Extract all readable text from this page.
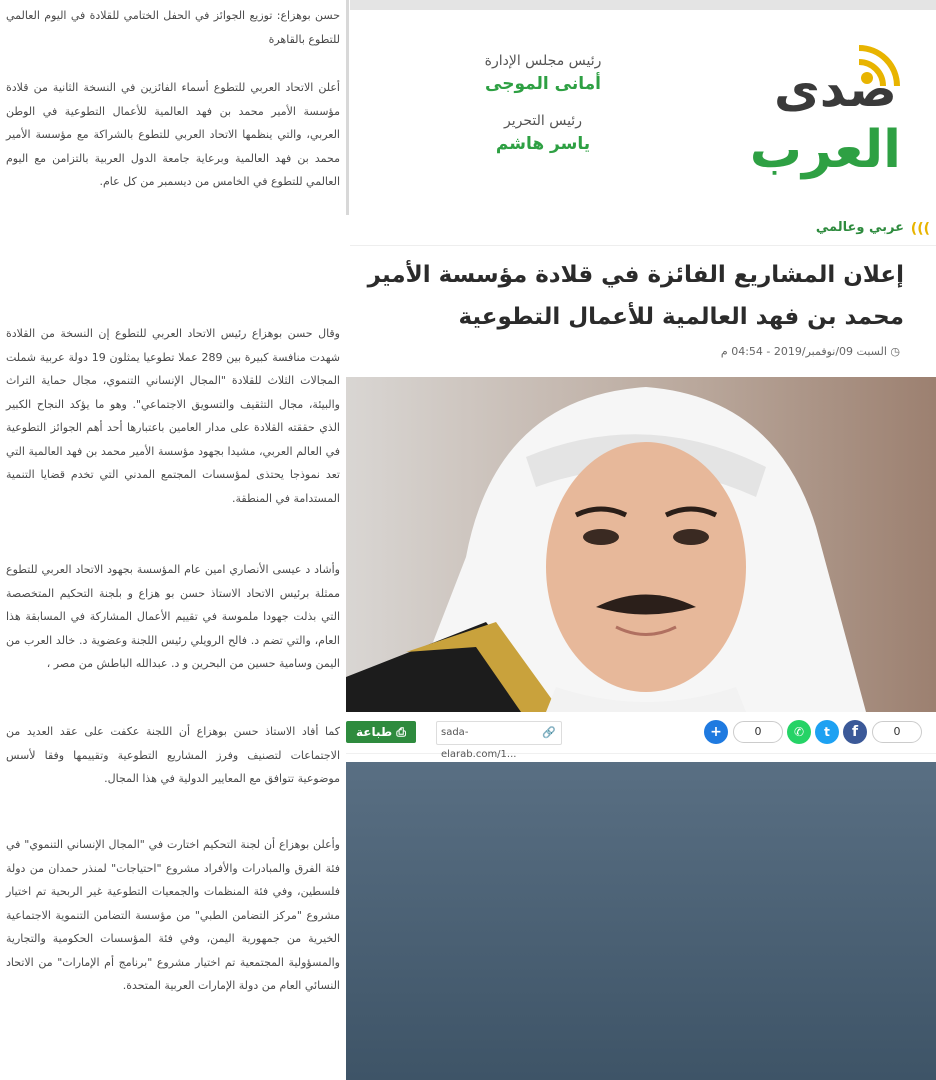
حسن بوهزاع: توزيع الجوائز في الحفل الختامي للقلادة في اليوم العالمي للتطوع بالقاهرة

أعلن الاتحاد العربي للتطوع أسماء الفائزين في النسخة الثانية من قلادة مؤسسة الأمير محمد بن فهد العالمية للأعمال التطوعية في الوطن العربي، والتي ينظمها الاتحاد العربي للتطوع بالشراكة مع مؤسسة الأمير محمد بن فهد العالمية وبرعاية جامعة الدول العربية بالتزامن مع اليوم العالمي للتطوع في الخامس من ديسمبر من كل عام.

وقال حسن بوهزاع رئيس الاتحاد العربي للتطوع إن النسخة من القلادة شهدت منافسة كبيرة بين 289 عملا تطوعيا يمثلون 19 دولة عربية شملت المجالات الثلاث للقلادة "المجال الإنساني التنموي، مجال حماية التراث والبيئة، مجال التثقيف والتسويق الاجتماعي". وهو ما يؤكد النجاح الكبير الذي حققته القلادة على مدار العامين باعتبارها أحد أهم الجوائز التطوعية في العالم العربي، مشيدا بجهود مؤسسة الأمير محمد بن فهد العالمية التي تعد نموذجا يحتذى لمؤسسات المجتمع المدني التي تخدم قضايا التنمية المستدامة في المنطقة.

وأشاد د عيسى الأنصاري امين عام المؤسسة بجهود الاتحاد العربي للتطوع ممثلة برئيس الاتحاد الاستاذ حسن بو هزاع و بلجنة التحكيم المتخصصة التي بذلت جهودا ملموسة في تقييم الأعمال المشاركة في المسابقة هذا العام، والتي تضم د. فالح الرويلي رئيس اللجنة وعضوية د. خالد العرب من اليمن وسامية حسين من البحرين و د. عبدالله الباطش من مصر ،

كما أفاد الاستاذ حسن بوهزاع أن اللجنة عكفت على عقد العديد من الاجتماعات لتصنيف وفرز المشاريع التطوعية وتقييمها وفقا لأسس موضوعية تتوافق مع المعايير الدولية في هذا المجال.

وأعلن بوهزاع أن لجنة التحكيم اختارت في "المجال الإنساني التنموي" في فئة الفرق والمبادرات والأفراد مشروع "احتياجات" لمنذر حمدان من دولة فلسطين، وفي فئة المنظمات والجمعيات التطوعية غير الربحية تم اختيار مشروع "مركز التضامن الطبي" من مؤسسة التضامن التنموية الاجتماعية الخيرية من جمهورية اليمن، وفي فئة المؤسسات الحكومية والتجارية والمسؤولية المجتمعية تم اختيار مشروع "برنامج أم الإمارات" من الاتحاد النسائي العام من دولة الإمارات العربية المتحدة.

صدى
العرب
رئيس مجلس الإدارة
أمانى الموجى
رئيس التحرير
ياسر هاشم
)))
عربي وعالمي
إعلان المشاريع الفائزة في قلادة مؤسسة الأمير محمد بن فهد العالمية للأعمال التطوعية
◷ السبت 09/نوفمبر/2019 - 04:54 م
⎙ طباعة	sada-elarab.com/1...
🔗	+	0	✆	t	f	0
